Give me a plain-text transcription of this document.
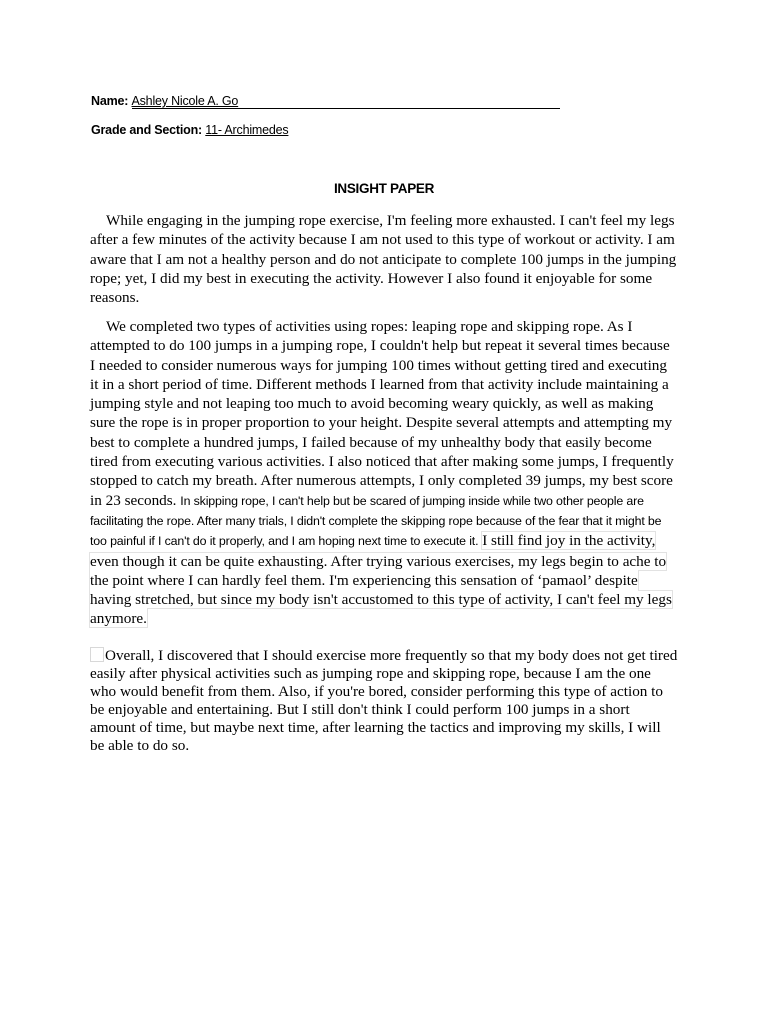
Name: Ashley Nicole A. Go
Grade and Section: 11- Archimedes
INSIGHT PAPER

While engaging in the jumping rope exercise, I'm feeling more exhausted. I can't feel my legs after a few minutes of the activity because I am not used to this type of workout or activity. I am aware that I am not a healthy person and do not anticipate to complete 100 jumps in the jumping rope; yet, I did my best in executing the activity. However I also found it enjoyable for some reasons.

We completed two types of activities using ropes: leaping rope and skipping rope. As I attempted to do 100 jumps in a jumping rope, I couldn't help but repeat it several times because I needed to consider numerous ways for jumping 100 times without getting tired and executing it in a short period of time. Different methods I learned from that activity include maintaining a jumping style and not leaping too much to avoid becoming weary quickly, as well as making sure the rope is in proper proportion to your height. Despite several attempts and attempting my best to complete a hundred jumps, I failed because of my unhealthy body that easily become tired from executing various activities. I also noticed that after making some jumps, I frequently stopped to catch my breath. After numerous attempts, I only completed 39 jumps, my best score in 23 seconds. In skipping rope, I can't help but be scared of jumping inside while two other people are facilitating the rope. After many trials, I didn't complete the skipping rope because of the fear that it might be too painful if I can't do it properly, and I am hoping next time to execute it. I still find joy in the activity, even though it can be quite exhausting. After trying various exercises, my legs begin to ache to the point where I can hardly feel them. I'm experiencing this sensation of ‘pamaol’ despite having stretched, but since my body isn't accustomed to this type of activity, I can't feel my legs anymore.

Overall, I discovered that I should exercise more frequently so that my body does not get tired easily after physical activities such as jumping rope and skipping rope, because I am the one who would benefit from them. Also, if you're bored, consider performing this type of action to be enjoyable and entertaining. But I still don't think I could perform 100 jumps in a short amount of time, but maybe next time, after learning the tactics and improving my skills, I will be able to do so.
